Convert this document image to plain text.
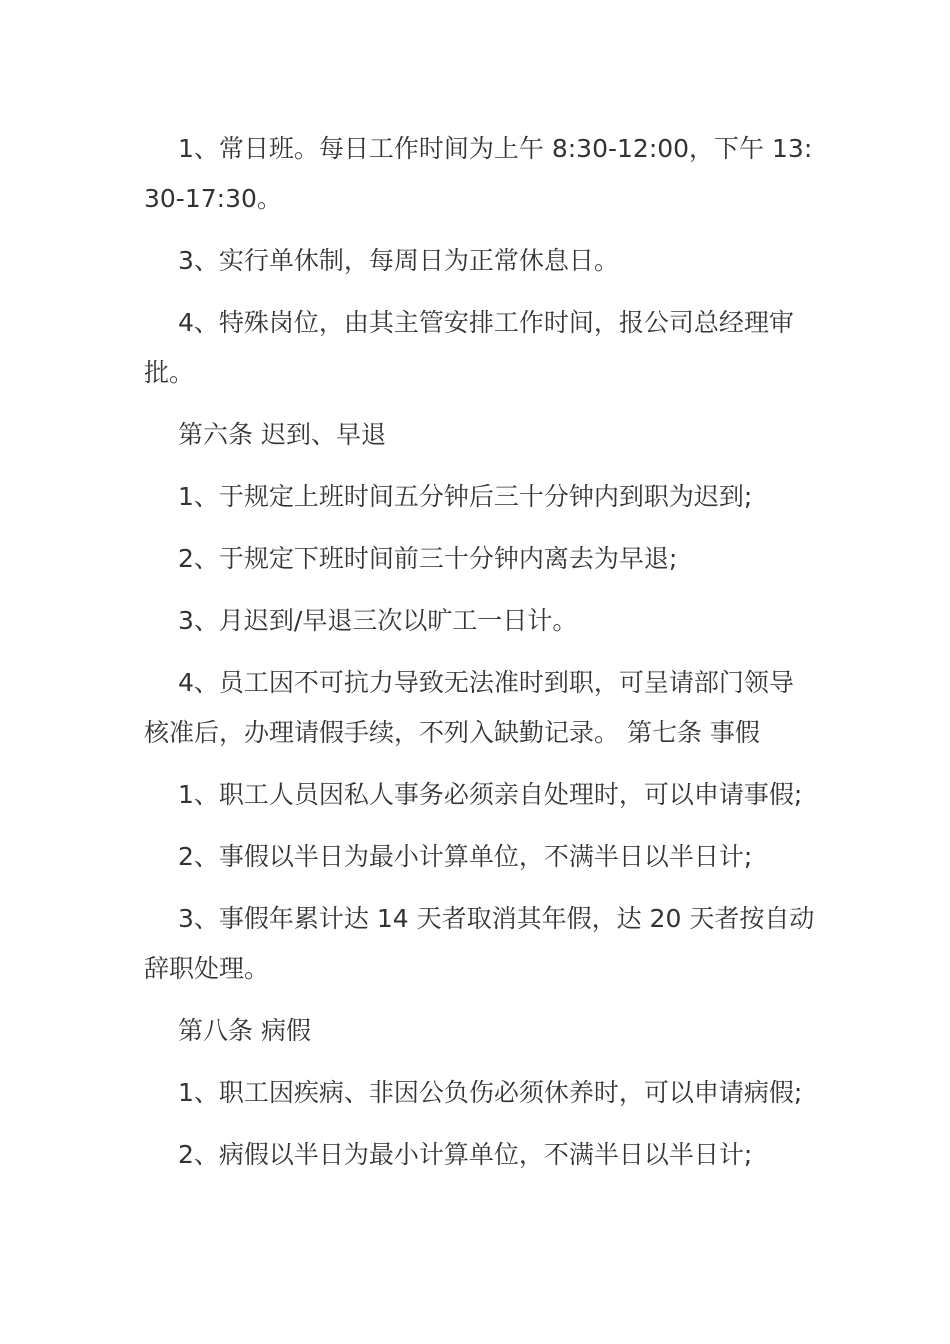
1、常日班。每日工作时间为上午 8:30-12:00，下午 13:30-17:30。

3、实行单休制，每周日为正常休息日。

4、特殊岗位，由其主管安排工作时间，报公司总经理审批。

第六条 迟到、早退

1、于规定上班时间五分钟后三十分钟内到职为迟到;

2、于规定下班时间前三十分钟内离去为早退;

3、月迟到/早退三次以旷工一日计。

4、员工因不可抗力导致无法准时到职，可呈请部门领导核准后，办理请假手续，不列入缺勤记录。 第七条 事假

1、职工人员因私人事务必须亲自处理时，可以申请事假;

2、事假以半日为最小计算单位，不满半日以半日计;

3、事假年累计达 14 天者取消其年假，达 20 天者按自动辞职处理。

第八条 病假

1、职工因疾病、非因公负伤必须休养时，可以申请病假;

2、病假以半日为最小计算单位，不满半日以半日计;
